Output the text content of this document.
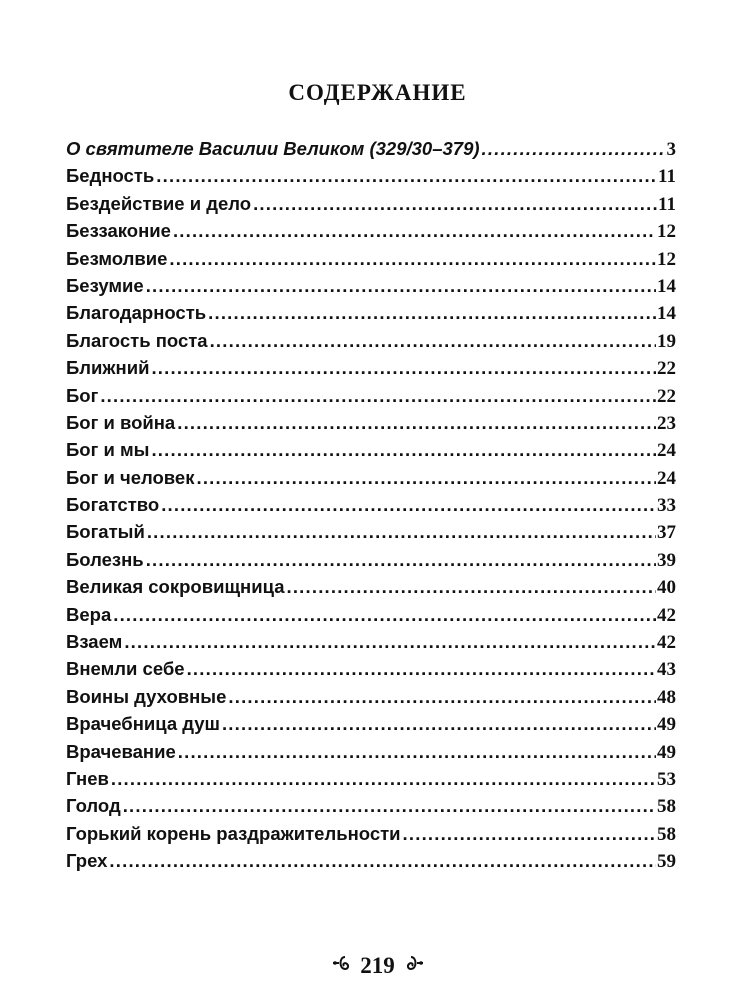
СОДЕРЖАНИЕ
О святителе Василии Великом (329/30–379) .....	3
Бедность .....	11
Бездействие и дело .....	11
Беззаконие .....	12
Безмолвие .....	12
Безумие .....	14
Благодарность .....	14
Благость поста .....	19
Ближний .....	22
Бог .....	22
Бог и война .....	23
Бог и мы .....	24
Бог и человек .....	24
Богатство .....	33
Богатый .....	37
Болезнь .....	39
Великая сокровищница .....	40
Вера .....	42
Взаем .....	42
Внемли себе .....	43
Воины духовные .....	48
Врачебница душ .....	49
Врачевание .....	49
Гнев .....	53
Голод .....	58
Горький корень раздражительности .....	58
Грех .....	59
219
